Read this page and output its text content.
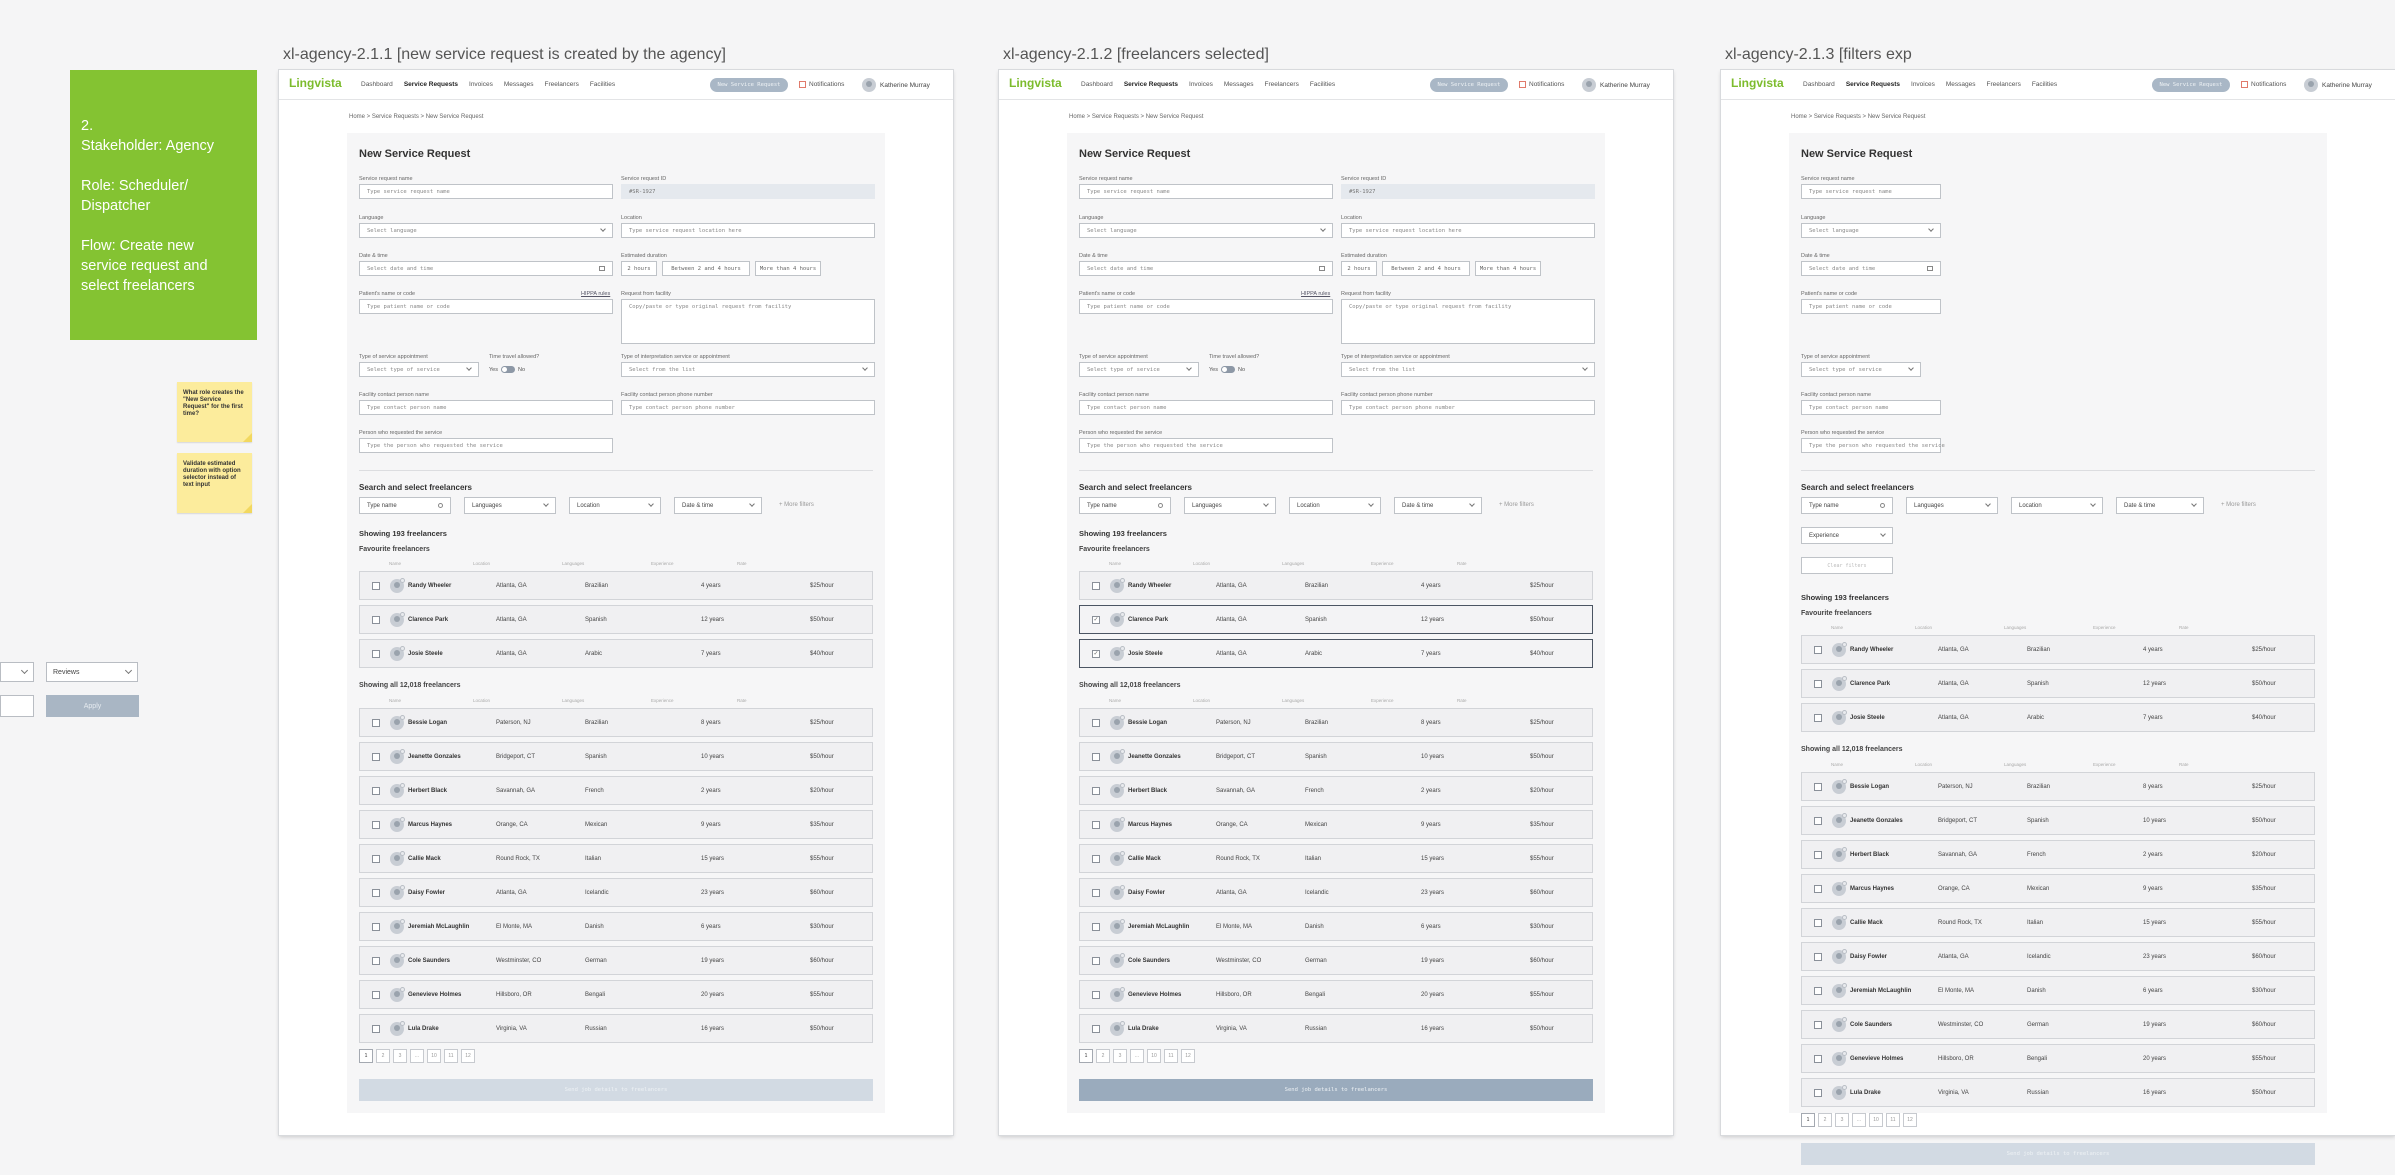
2.
Stakeholder: Agency

Role: Scheduler/
Dispatcher

Flow: Create new
service request and
select freelancers
What role creates the "New Service Request" for the first time?
Validate estimated duration with option selector instead of text input
Reviews
Apply
xl-agency-2.1.1 [new service request is created by the agency]
Lingvista	Dashboard Service Requests Invoices Messages Freelancers Facilities	New Service Request	Notifications	Katherine Murray
Home > Service Requests > New Service Request
New Service Request
Service request name
Type service request name
Service request ID
#SR-1927
Language
Select language
Location
Type service request location here
Date & time
Select date and time
Estimated duration
2 hours	Between 2 and 4 hours	More than 4 hours
Patient's name or code	HIPPA rules
Type patient name or code
Request from facility
Copy/paste or type original request from facility
Type of service appointment
Select type of service
Time travel allowed?
Yes	No
Type of interpretation service or appointment
Select from the list
Facility contact person name
Type contact person name
Facility contact person phone number
Type contact person phone number
Person who requested the service
Type the person who requested the service
Search and select freelancers
Type name	Languages	Location	Date & time	+ More filters
Showing 193 freelancers
Favourite freelancers
Name	Location	Languages	Experience	Rate
Randy Wheeler	Atlanta, GA	Brazilian	4 years	$25/hour
Clarence Park	Atlanta, GA	Spanish	12 years	$50/hour
Josie Steele	Atlanta, GA	Arabic	7 years	$40/hour
Showing all 12,018 freelancers
Name	Location	Languages	Experience	Rate
Bessie Logan	Paterson, NJ	Brazilian	8 years	$25/hour
Jeanette Gonzales	Bridgeport, CT	Spanish	10 years	$50/hour
Herbert Black	Savannah, GA	French	2 years	$20/hour
Marcus Haynes	Orange, CA	Mexican	9 years	$35/hour
Callie Mack	Round Rock, TX	Italian	15 years	$55/hour
Daisy Fowler	Atlanta, GA	Icelandic	23 years	$60/hour
Jeremiah McLaughlin	El Monte, MA	Danish	6 years	$30/hour
Cole Saunders	Westminster, CO	German	19 years	$60/hour
Genevieve Holmes	Hillsboro, OR	Bengali	20 years	$55/hour
Lula Drake	Virginia, VA	Russian	16 years	$50/hour
1	2	3	...	10	11	12
Send job details to freelancers
xl-agency-2.1.2 [freelancers selected]
Lingvista	Dashboard Service Requests Invoices Messages Freelancers Facilities	New Service Request	Notifications	Katherine Murray
Home > Service Requests > New Service Request
New Service Request
Service request name
Type service request name
Service request ID
#SR-1927
Language
Select language
Location
Type service request location here
Date & time
Select date and time
Estimated duration
2 hours	Between 2 and 4 hours	More than 4 hours
Patient's name or code	HIPPA rules
Type patient name or code
Request from facility
Copy/paste or type original request from facility
Type of service appointment
Select type of service
Time travel allowed?
Yes	No
Type of interpretation service or appointment
Select from the list
Facility contact person name
Type contact person name
Facility contact person phone number
Type contact person phone number
Person who requested the service
Type the person who requested the service
Search and select freelancers
Type name	Languages	Location	Date & time	+ More filters
Showing 193 freelancers
Favourite freelancers
Name	Location	Languages	Experience	Rate
Randy Wheeler	Atlanta, GA	Brazilian	4 years	$25/hour
✓	Clarence Park	Atlanta, GA	Spanish	12 years	$50/hour
✓	Josie Steele	Atlanta, GA	Arabic	7 years	$40/hour
Showing all 12,018 freelancers
Name	Location	Languages	Experience	Rate
Bessie Logan	Paterson, NJ	Brazilian	8 years	$25/hour
Jeanette Gonzales	Bridgeport, CT	Spanish	10 years	$50/hour
Herbert Black	Savannah, GA	French	2 years	$20/hour
Marcus Haynes	Orange, CA	Mexican	9 years	$35/hour
Callie Mack	Round Rock, TX	Italian	15 years	$55/hour
Daisy Fowler	Atlanta, GA	Icelandic	23 years	$60/hour
Jeremiah McLaughlin	El Monte, MA	Danish	6 years	$30/hour
Cole Saunders	Westminster, CO	German	19 years	$60/hour
Genevieve Holmes	Hillsboro, OR	Bengali	20 years	$55/hour
Lula Drake	Virginia, VA	Russian	16 years	$50/hour
1	2	3	...	10	11	12
Send job details to freelancers
xl-agency-2.1.3 [filters exp
Lingvista	Dashboard Service Requests Invoices Messages Freelancers Facilities	New Service Request	Notifications	Katherine Murray
Home > Service Requests > New Service Request
New Service Request
Service request name
Type service request name
Language
Select language
Date & time
Select date and time
Patient's name or code
Type patient name or code
Type of service appointment
Select type of service
Facility contact person name
Type contact person name
Person who requested the service
Type the person who requested the service
Search and select freelancers
Type name	Languages	Location	Date & time	+ More filters
Experience
Clear filters
Showing 193 freelancers
Favourite freelancers
Name	Location	Languages	Experience	Rate
Randy Wheeler	Atlanta, GA	Brazilian	4 years	$25/hour
Clarence Park	Atlanta, GA	Spanish	12 years	$50/hour
Josie Steele	Atlanta, GA	Arabic	7 years	$40/hour
Showing all 12,018 freelancers
Name	Location	Languages	Experience	Rate
Bessie Logan	Paterson, NJ	Brazilian	8 years	$25/hour
Jeanette Gonzales	Bridgeport, CT	Spanish	10 years	$50/hour
Herbert Black	Savannah, GA	French	2 years	$20/hour
Marcus Haynes	Orange, CA	Mexican	9 years	$35/hour
Callie Mack	Round Rock, TX	Italian	15 years	$55/hour
Daisy Fowler	Atlanta, GA	Icelandic	23 years	$60/hour
Jeremiah McLaughlin	El Monte, MA	Danish	6 years	$30/hour
Cole Saunders	Westminster, CO	German	19 years	$60/hour
Genevieve Holmes	Hillsboro, OR	Bengali	20 years	$55/hour
Lula Drake	Virginia, VA	Russian	16 years	$50/hour
1	2	3	...	10	11	12
Send job details to freelancers
